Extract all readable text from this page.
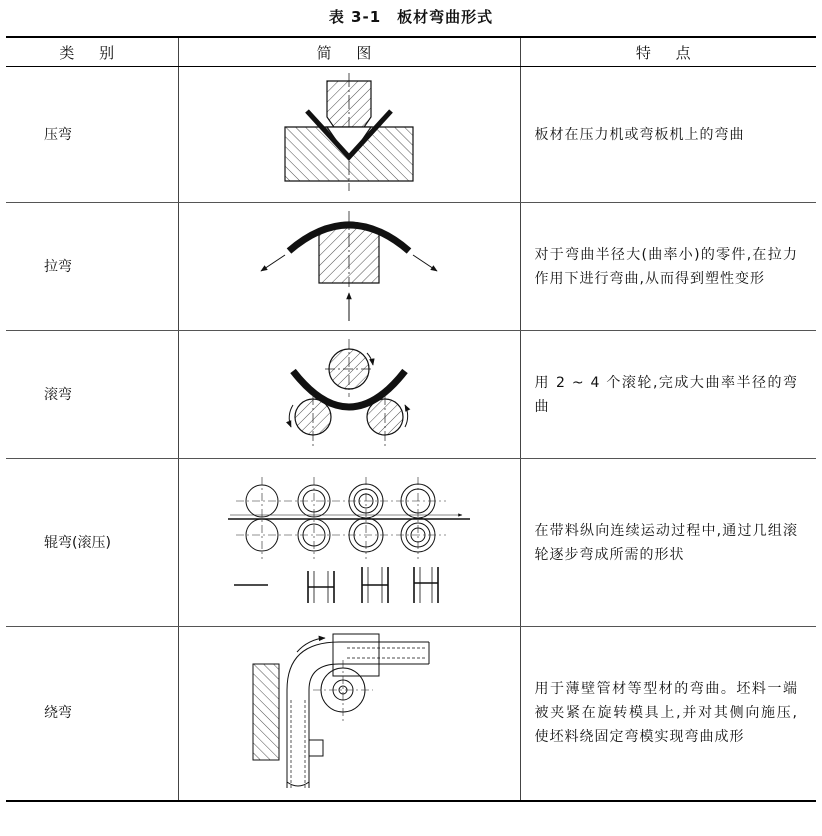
表 3-1　板材弯曲形式
类 别	简 图	特 点
压弯		板材在压力机或弯板机上的弯曲
拉弯		对于弯曲半径大(曲率小)的零件,在拉力作用下进行弯曲,从而得到塑性变形
滚弯		用 2 ~ 4 个滚轮,完成大曲率半径的弯曲
辊弯(滚压)		在带料纵向连续运动过程中,通过几组滚轮逐步弯成所需的形状
绕弯		用于薄壁管材等型材的弯曲。坯料一端被夹紧在旋转模具上,并对其侧向施压,使坯料绕固定弯模实现弯曲成形
